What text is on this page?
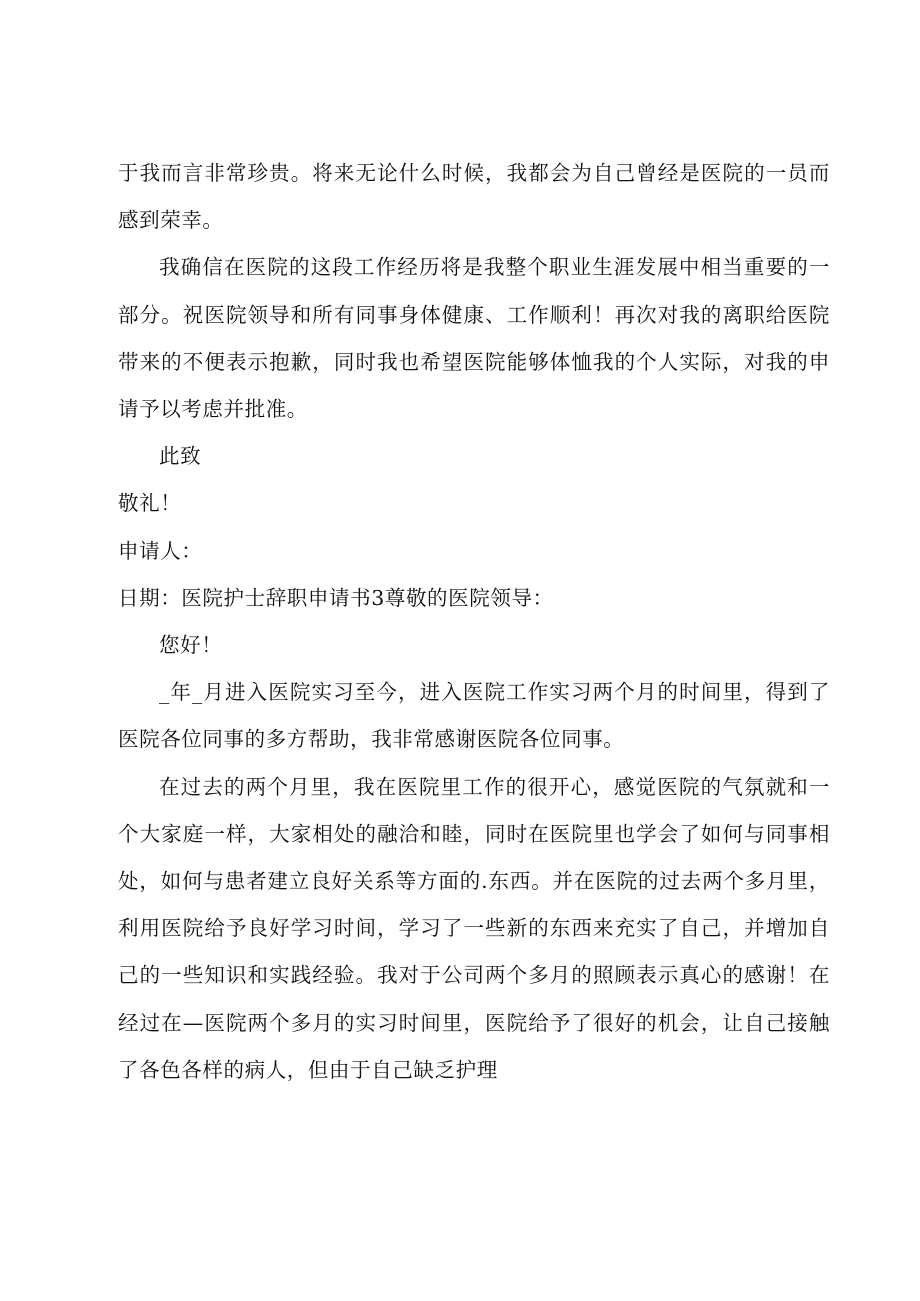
于我而言非常珍贵。将来无论什么时候，我都会为自己曾经是医院的一员而感到荣幸。

我确信在医院的这段工作经历将是我整个职业生涯发展中相当重要的一部分。祝医院领导和所有同事身体健康、工作顺利！再次对我的离职给医院带来的不便表示抱歉，同时我也希望医院能够体恤我的个人实际，对我的申请予以考虑并批准。

此致

敬礼！

申请人：

日期：医院护士辞职申请书3尊敬的医院领导：

您好！

_年_月进入医院实习至今，进入医院工作实习两个月的时间里，得到了医院各位同事的多方帮助，我非常感谢医院各位同事。

在过去的两个月里，我在医院里工作的很开心，感觉医院的气氛就和一个大家庭一样，大家相处的融洽和睦，同时在医院里也学会了如何与同事相处，如何与患者建立良好关系等方面的.东西。并在医院的过去两个多月里，利用医院给予良好学习时间，学习了一些新的东西来充实了自己，并增加自己的一些知识和实践经验。我对于公司两个多月的照顾表示真心的感谢！在经过在—医院两个多月的实习时间里，医院给予了很好的机会，让自己接触了各色各样的病人，但由于自己缺乏护理
